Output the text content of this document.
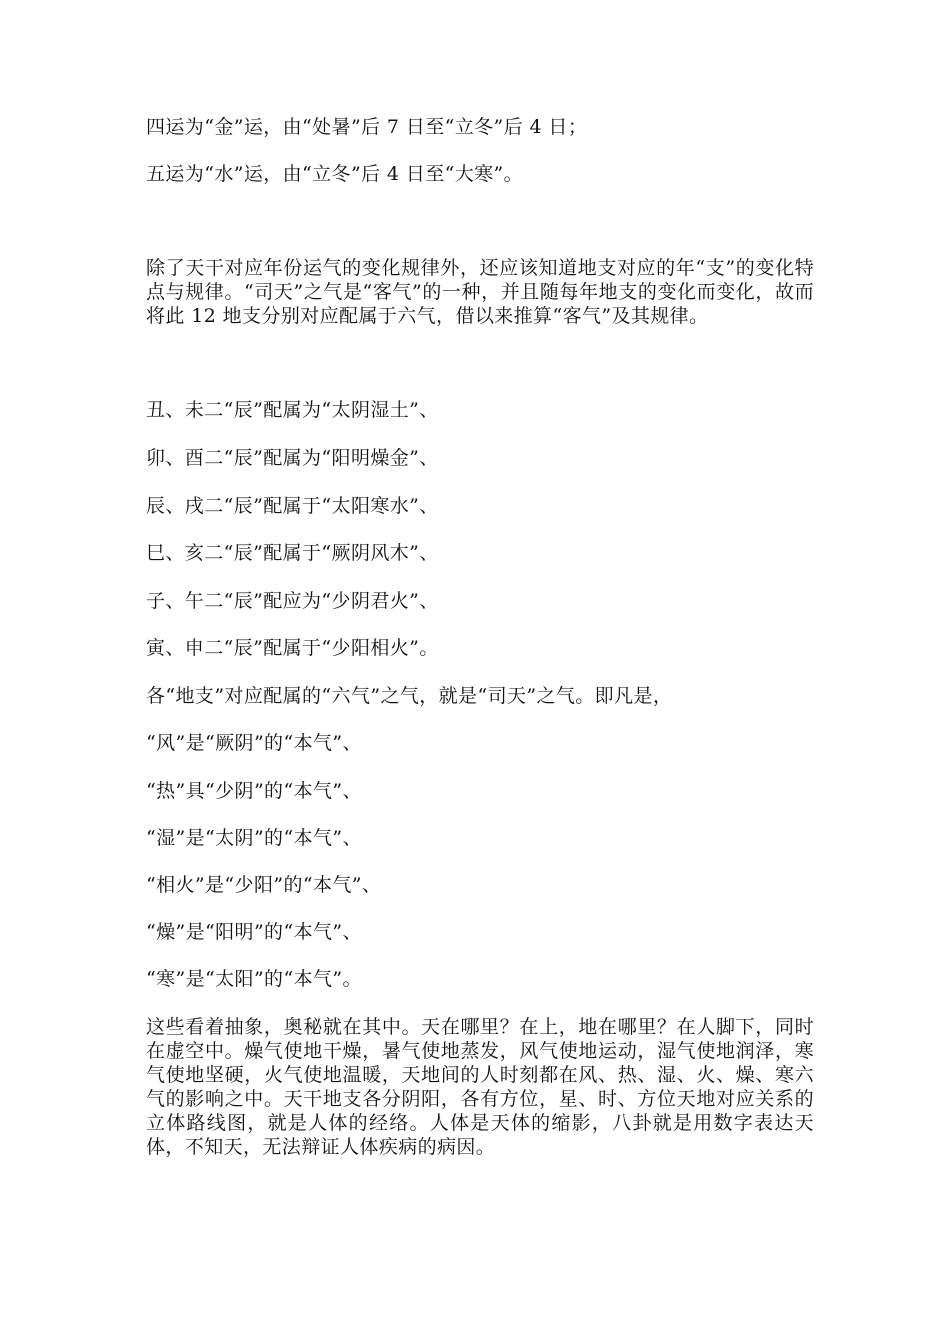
四运为“金”运，由“处暑”后 7 日至“立冬”后 4 日；
五运为“水”运，由“立冬”后 4 日至“大寒”。
除了天干对应年份运气的变化规律外，还应该知道地支对应的年“支”的变化特点与规律。“司天”之气是“客气”的一种，并且随每年地支的变化而变化，故而将此 12 地支分别对应配属于六气，借以来推算“客气”及其规律。
丑、未二“辰”配属为“太阴湿土”、
卯、酉二“辰”配属为“阳明燥金”、
辰、戌二“辰”配属于“太阳寒水”、
巳、亥二“辰”配属于“厥阴风木”、
子、午二“辰”配应为“少阴君火”、
寅、申二“辰”配属于“少阳相火”。
各“地支”对应配属的“六气”之气，就是“司天”之气。即凡是，
“风”是“厥阴”的“本气”、
“热”具“少阴”的“本气”、
“湿”是“太阴”的“本气”、
“相火”是“少阳”的“本气”、
“燥”是“阳明”的“本气”、
“寒”是“太阳”的“本气”。
这些看着抽象，奥秘就在其中。天在哪里？在上，地在哪里？在人脚下，同时在虚空中。燥气使地干燥，暑气使地蒸发，风气使地运动，湿气使地润泽，寒气使地坚硬，火气使地温暖，天地间的人时刻都在风、热、湿、火、燥、寒六气的影响之中。天干地支各分阴阳，各有方位，星、时、方位天地对应关系的立体路线图，就是人体的经络。人体是天体的缩影，八卦就是用数字表达天体，不知天，无法辩证人体疾病的病因。
